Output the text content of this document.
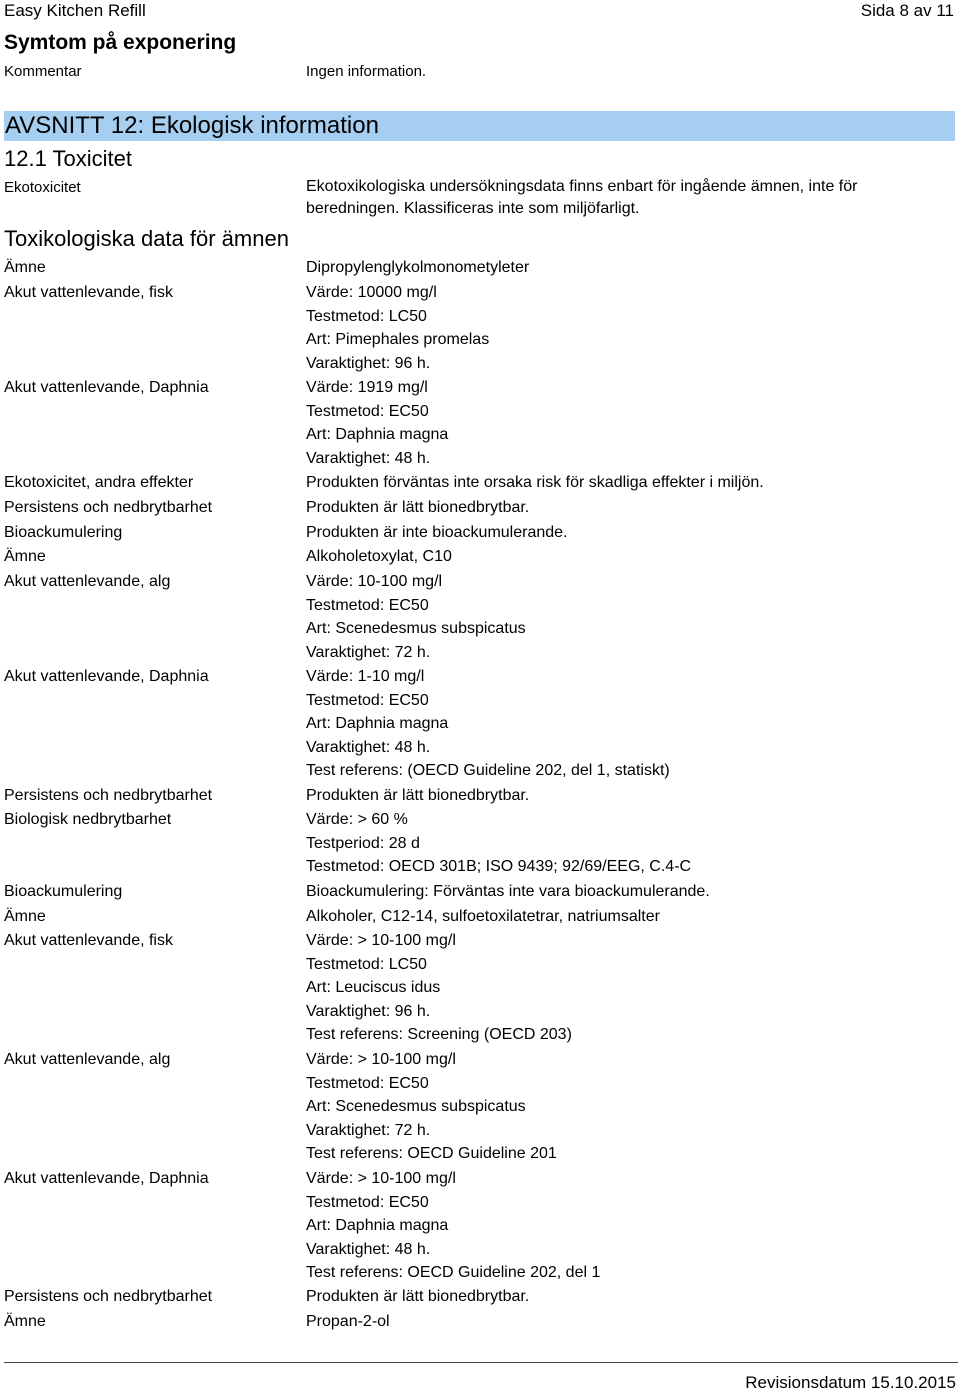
Easy Kitchen Refill	Sida 8 av 11
Symtom på exponering
Kommentar	Ingen information.
AVSNITT 12: Ekologisk information
12.1 Toxicitet
Ekotoxicitet	Ekotoxikologiska undersökningsdata finns enbart för ingående ämnen, inte för beredningen. Klassificeras inte som miljöfarligt.
Toxikologiska data för ämnen
Ämne	Dipropylenglykolmonometyleter
Akut vattenlevande, fisk	Värde: 10000 mg/l
Testmetod: LC50
Art: Pimephales promelas
Varaktighet: 96 h.
Akut vattenlevande, Daphnia	Värde: 1919 mg/l
Testmetod: EC50
Art: Daphnia magna
Varaktighet: 48 h.
Ekotoxicitet, andra effekter	Produkten förväntas inte orsaka risk för skadliga effekter i miljön.
Persistens och nedbrytbarhet	Produkten är lätt bionedbrytbar.
Bioackumulering	Produkten är inte bioackumulerande.
Ämne	Alkoholetoxylat, C10
Akut vattenlevande, alg	Värde: 10-100 mg/l
Testmetod: EC50
Art: Scenedesmus subspicatus
Varaktighet: 72 h.
Akut vattenlevande, Daphnia	Värde: 1-10 mg/l
Testmetod: EC50
Art: Daphnia magna
Varaktighet: 48 h.
Test referens: (OECD Guideline 202, del 1, statiskt)
Persistens och nedbrytbarhet	Produkten är lätt bionedbrytbar.
Biologisk nedbrytbarhet	Värde: > 60 %
Testperiod: 28 d
Testmetod: OECD 301B; ISO 9439; 92/69/EEG, C.4-C
Bioackumulering	Bioackumulering: Förväntas inte vara bioackumulerande.
Ämne	Alkoholer, C12-14, sulfoetoxilatetrar, natriumsalter
Akut vattenlevande, fisk	Värde: > 10-100 mg/l
Testmetod: LC50
Art: Leuciscus idus
Varaktighet: 96 h.
Test referens: Screening (OECD 203)
Akut vattenlevande, alg	Värde: > 10-100 mg/l
Testmetod: EC50
Art: Scenedesmus subspicatus
Varaktighet: 72 h.
Test referens: OECD Guideline 201
Akut vattenlevande, Daphnia	Värde: > 10-100 mg/l
Testmetod: EC50
Art: Daphnia magna
Varaktighet: 48 h.
Test referens: OECD Guideline 202, del 1
Persistens och nedbrytbarhet	Produkten är lätt bionedbrytbar.
Ämne	Propan-2-ol
Revisionsdatum 15.10.2015
